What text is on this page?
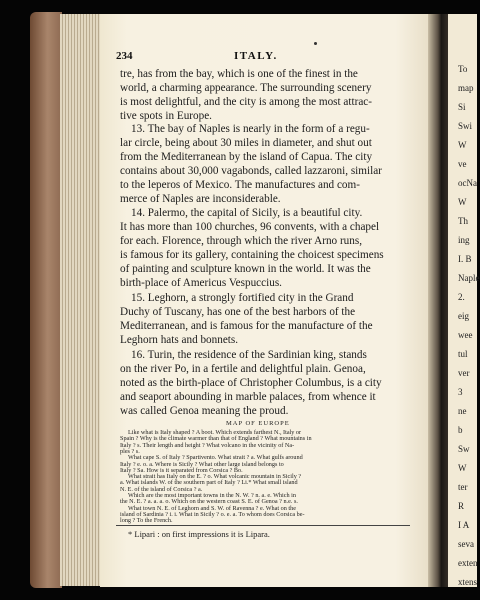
To
map
Si
Swi
W
ve
ocNa
W
Th
ing
I. B
Naple
2.
eig
wee
tul
ver
3
ne
b
Sw
W
ter
R
I A
seva
exten
xtens
234	ITALY.
tre, has from the bay, which is one of the finest in the
world, a charming appearance. The surrounding scenery
is most delightful, and the city is among the most attrac-
tive spots in Europe.
13. The bay of Naples is nearly in the form of a regu-
lar circle, being about 30 miles in diameter, and shut out
from the Mediterranean by the island of Capua. The city
contains about 30,000 vagabonds, called lazzaroni, similar
to the leperos of Mexico. The manufactures and com-
merce of Naples are inconsiderable.
14. Palermo, the capital of Sicily, is a beautiful city.
It has more than 100 churches, 96 convents, with a chapel
for each. Florence, through which the river Arno runs,
is famous for its gallery, containing the choicest specimens
of painting and sculpture known in the world. It was the
birth-place of Americus Vespuccius.
15. Leghorn, a strongly fortified city in the Grand
Duchy of Tuscany, has one of the best harbors of the
Mediterranean, and is famous for the manufacture of the
Leghorn hats and bonnets.
16. Turin, the residence of the Sardinian king, stands
on the river Po, in a fertile and delightful plain. Genoa,
noted as the birth-place of Christopher Columbus, is a city
and seaport abounding in marble palaces, from whence it
was called Genoa meaning the proud.
MAP OF EUROPE
Like what is Italy shaped ? A boot. Which extends farthest N., Italy or
Spain ? Why is the climate warmer than that of England ? What mountains in
Italy ? s. Their length and height ? What volcano in the vicinity of Na-
ples ? s.
What cape S. of Italy ? Spartivento. What strait ? a. What gulfs around
Italy ? e. o. a. Where is Sicily ? What other large island belongs to
Italy ? Sa. How is it separated from Corsica ? Bo.
What strait has Italy on the E. ? o. What volcanic mountain in Sicily ?
a. What islands W. of the southern part of Italy ? Li.* What small island
N. E. of the island of Corsica ? a.
Which are the most important towns in the N. W. ? n. a. e. Which in
the N. E. ? a. a. a. o. Which on the western coast S. E. of Genoa ? n.e. s.
What town N. E. of Leghorn and S. W. of Ravenna ? e. What on the
island of Sardinia ? i. i. What in Sicily ? o. e. a. To whom does Corsica be-
long ? To the French.
* Lipari : on first impressions it is Lipara.
